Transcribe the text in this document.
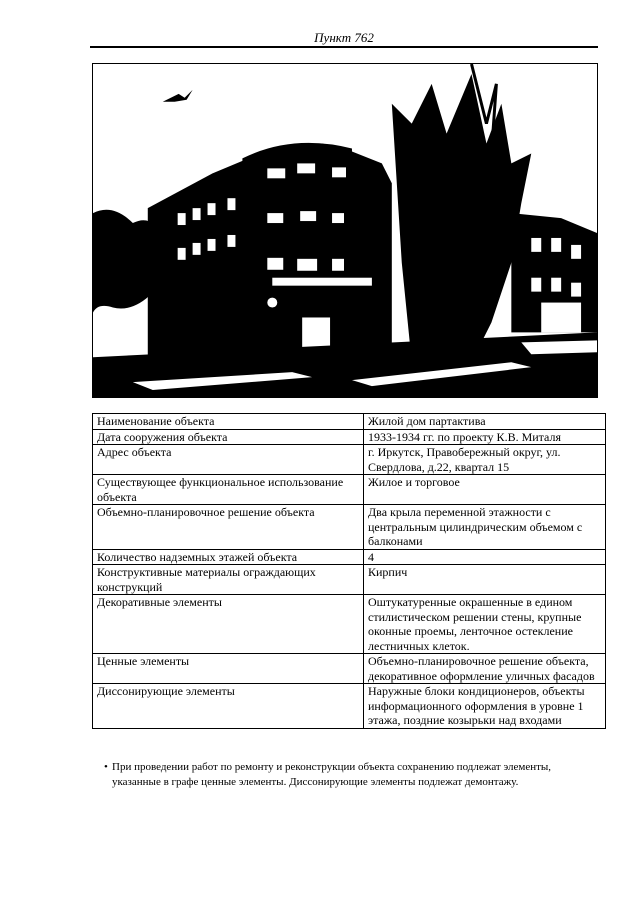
Пункт 762
Наименование объекта	Жилой дом партактива
Дата сооружения объекта	1933-1934 гг. по проекту К.В. Миталя
Адрес объекта	г. Иркутск, Правобережный округ, ул. Свердлова, д.22, квартал 15
Существующее функциональное использование объекта	Жилое и торговое
Объемно-планировочное решение объекта	Два крыла переменной этажности с центральным цилиндрическим объемом с балконами
Количество надземных этажей объекта	4
Конструктивные материалы ограждающих конструкций	Кирпич
Декоративные элементы	Оштукатуренные окрашенные в едином стилистическом решении стены, крупные оконные проемы, ленточное остекление лестничных клеток.
Ценные элементы	Объемно-планировочное решение объекта, декоративное оформление уличных фасадов
Диссонирующие элементы	Наружные блоки кондиционеров, объекты информационного оформления в уровне 1 этажа, поздние козырьки над входами
• При проведении работ по ремонту и реконструкции объекта сохранению подлежат элементы, указанные в графе ценные элементы. Диссонирующие элементы подлежат демонтажу.
